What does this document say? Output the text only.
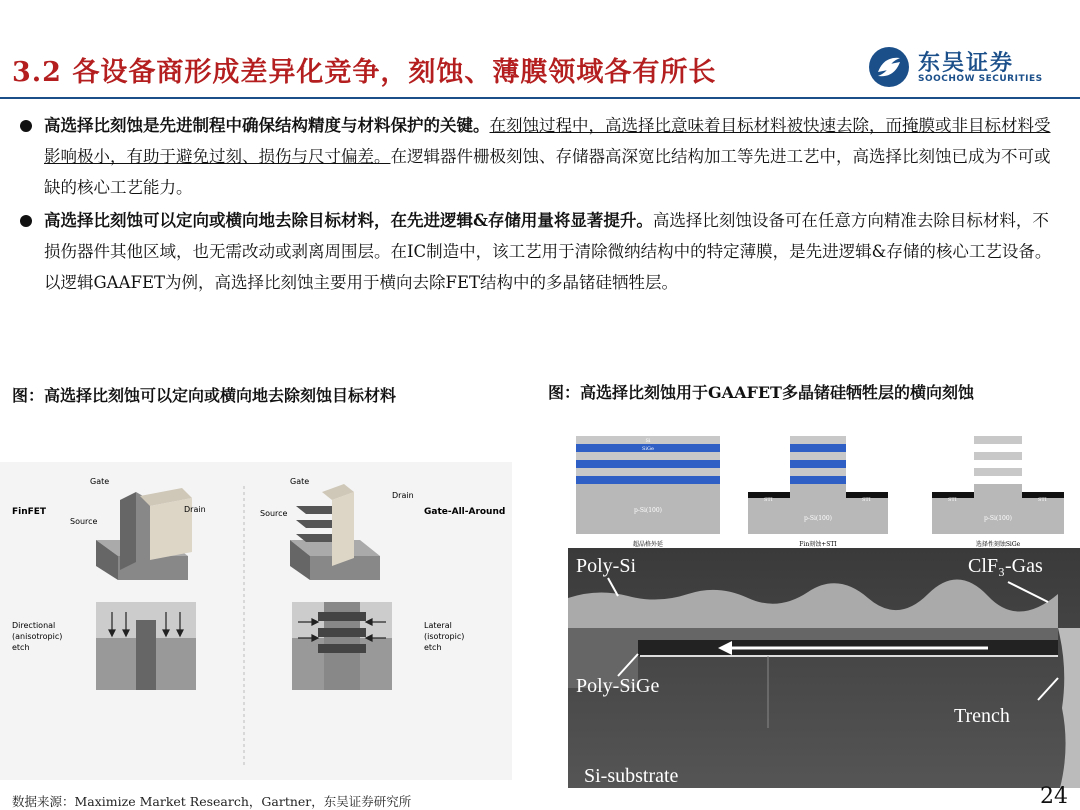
3.2 各设备商形成差异化竞争，刻蚀、薄膜领域各有所长	东吴证券
SOOCHOW SECURITIES
高选择比刻蚀是先进制程中确保结构精度与材料保护的关键。在刻蚀过程中，高选择比意味着目标材料被快速去除，而掩膜或非目标材料受影响极小，有助于避免过刻、损伤与尺寸偏差。在逻辑器件栅极刻蚀、存储器高深宽比结构加工等先进工艺中，高选择比刻蚀已成为不可或缺的核心工艺能力。
高选择比刻蚀可以定向或横向地去除目标材料，在先进逻辑&存储用量将显著提升。高选择比刻蚀设备可在任意方向精准去除目标材料，不损伤器件其他区域，也无需改动或剥离周围层。在IC制造中，该工艺用于清除微纳结构中的特定薄膜，是先进逻辑&存储的核心工艺设备。以逻辑GAAFET为例，高选择比刻蚀主要用于横向去除FET结构中的多晶锗硅牺牲层。
图：高选择比刻蚀可以定向或横向地去除刻蚀目标材料	图：高选择比刻蚀用于GAAFET多晶锗硅牺牲层的横向刻蚀
FinFET
Gate
Source
Drain	Gate-All-Around
Gate
Source
Drain
Directional
(anisotropic)
etch
Lateral
(isotropic)
etch
Si
SiGe
p-Si(100)
超晶格外延
STI	STI
p-Si(100)
Fin刻蚀+STI
STI	STI
p-Si(100)
选择性刻蚀SiGe
Poly-Si	ClF₃-Gas
Poly-SiGe
Trench
Si-substrate
数据来源：Maximize Market Research，Gartner，东吴证券研究所	24
